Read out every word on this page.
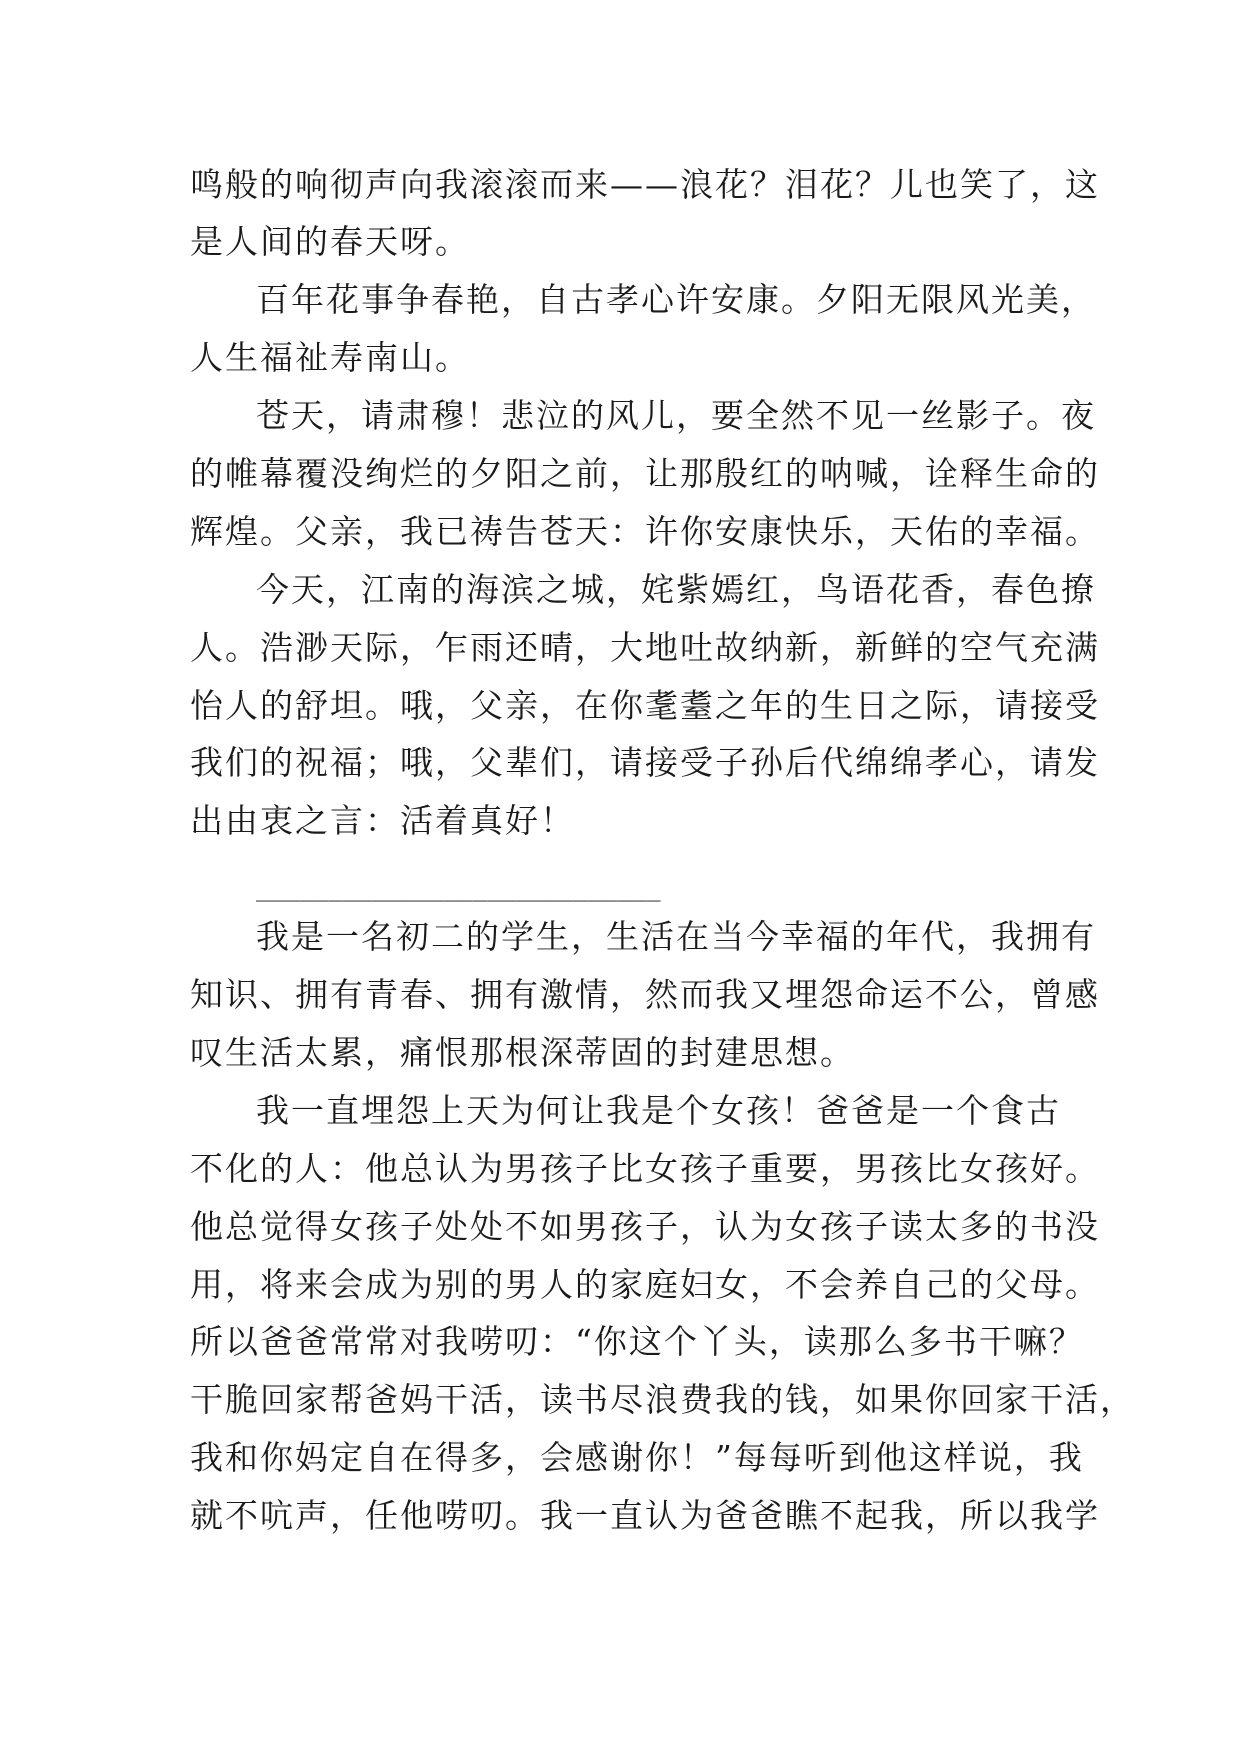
鸣般的响彻声向我滚滚而来——浪花？泪花？儿也笑了，这
是人间的春天呀。
百年花事争春艳，自古孝心许安康。夕阳无限风光美，
人生福祉寿南山。
苍天，请肃穆！悲泣的风儿，要全然不见一丝影子。夜
的帷幕覆没绚烂的夕阳之前，让那殷红的呐喊，诠释生命的
辉煌。父亲，我已祷告苍天：许你安康快乐，天佑的幸福。
今天，江南的海滨之城，姹紫嫣红，鸟语花香，春色撩
人。浩渺天际，乍雨还晴，大地吐故纳新，新鲜的空气充满
怡人的舒坦。哦，父亲，在你耄耋之年的生日之际，请接受
我们的祝福；哦，父辈们，请接受子孙后代绵绵孝心，请发
出由衷之言：活着真好！
____________________________
我是一名初二的学生，生活在当今幸福的年代，我拥有
知识、拥有青春、拥有激情，然而我又埋怨命运不公，曾感
叹生活太累，痛恨那根深蒂固的封建思想。
我一直埋怨上天为何让我是个女孩！爸爸是一个食古
不化的人：他总认为男孩子比女孩子重要，男孩比女孩好。
他总觉得女孩子处处不如男孩子，认为女孩子读太多的书没
用，将来会成为别的男人的家庭妇女，不会养自己的父母。
所以爸爸常常对我唠叨：“你这个丫头，读那么多书干嘛？
干脆回家帮爸妈干活，读书尽浪费我的钱，如果你回家干活，
我和你妈定自在得多，会感谢你！”每每听到他这样说，我
就不吭声，任他唠叨。我一直认为爸爸瞧不起我，所以我学
